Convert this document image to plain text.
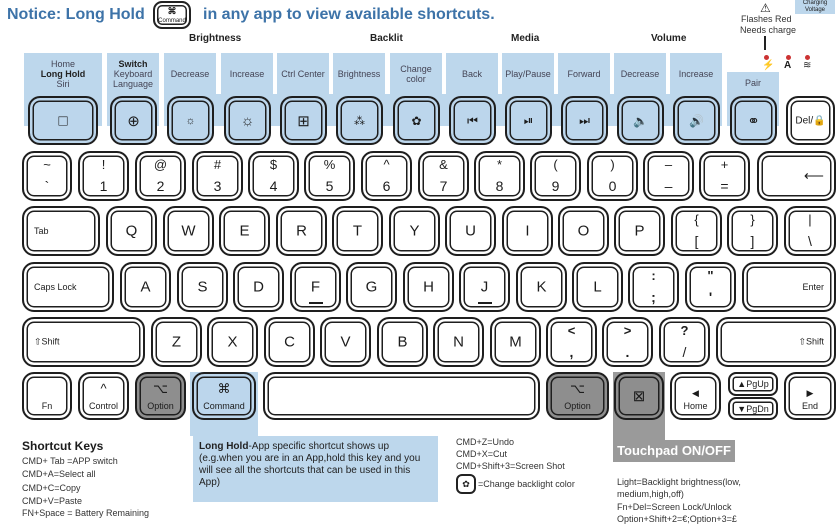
Notice: Long Hold	⌘
Command in any app to view available shortcuts.
Brightness	Backlit	Media	Volume
Charging Voltage
⚠
Flashes Red
Needs charge
⚡ A ≋
Home
Long Hold
Siri
Switch
Keyboard
Language
Decrease	Increase	Ctrl Center	Brightness	Change color	Back	Play/Pause	Forward	Decrease	Increase
Pair
□	⊕	☼	☼	⊞	⁂	✿	⏮	⏯	⏭	🔈	🔊	⚭	Del/🔒
~
`
!
1
@
2
#
3
$
4
%
5
^
6
&
7
*
8
(
9
)
0
–
–
+
=
⟵
Tab	Q	W	E	R	T	Y	U	I	O	P
{
[
}
]
|
\
Caps Lock	A	S	D	F	G	H	J	K	L
:
;
"
'
Enter
⇧Shift	Z	X	C	V	B	N	M
<
,
>
.
?
/
⇧Shift
Fn
^
Control
⌥
Option
⌘
Command
⌥
Option
⊠	◀
Home
▲PgUp
▼PgDn
▶
End
Shortcut Keys
CMD+ Tab =APP switch
CMD+A=Select all
CMD+C=Copy
CMD+V=Paste
FN+Space = Battery Remaining
Long Hold-App specific shortcut shows up (e.g.when you are in an App,hold this key and you will see all the shortcuts that can be used in this App)
CMD+Z=Undo
CMD+X=Cut
CMD+Shift+3=Screen Shot
✿ =Change backlight color
Touchpad ON/OFF
Light=Backlight brightness(low,
medium,high,off)
Fn+Del=Screen Lock/Unlock
Option+Shift+2=€;Option+3=£
